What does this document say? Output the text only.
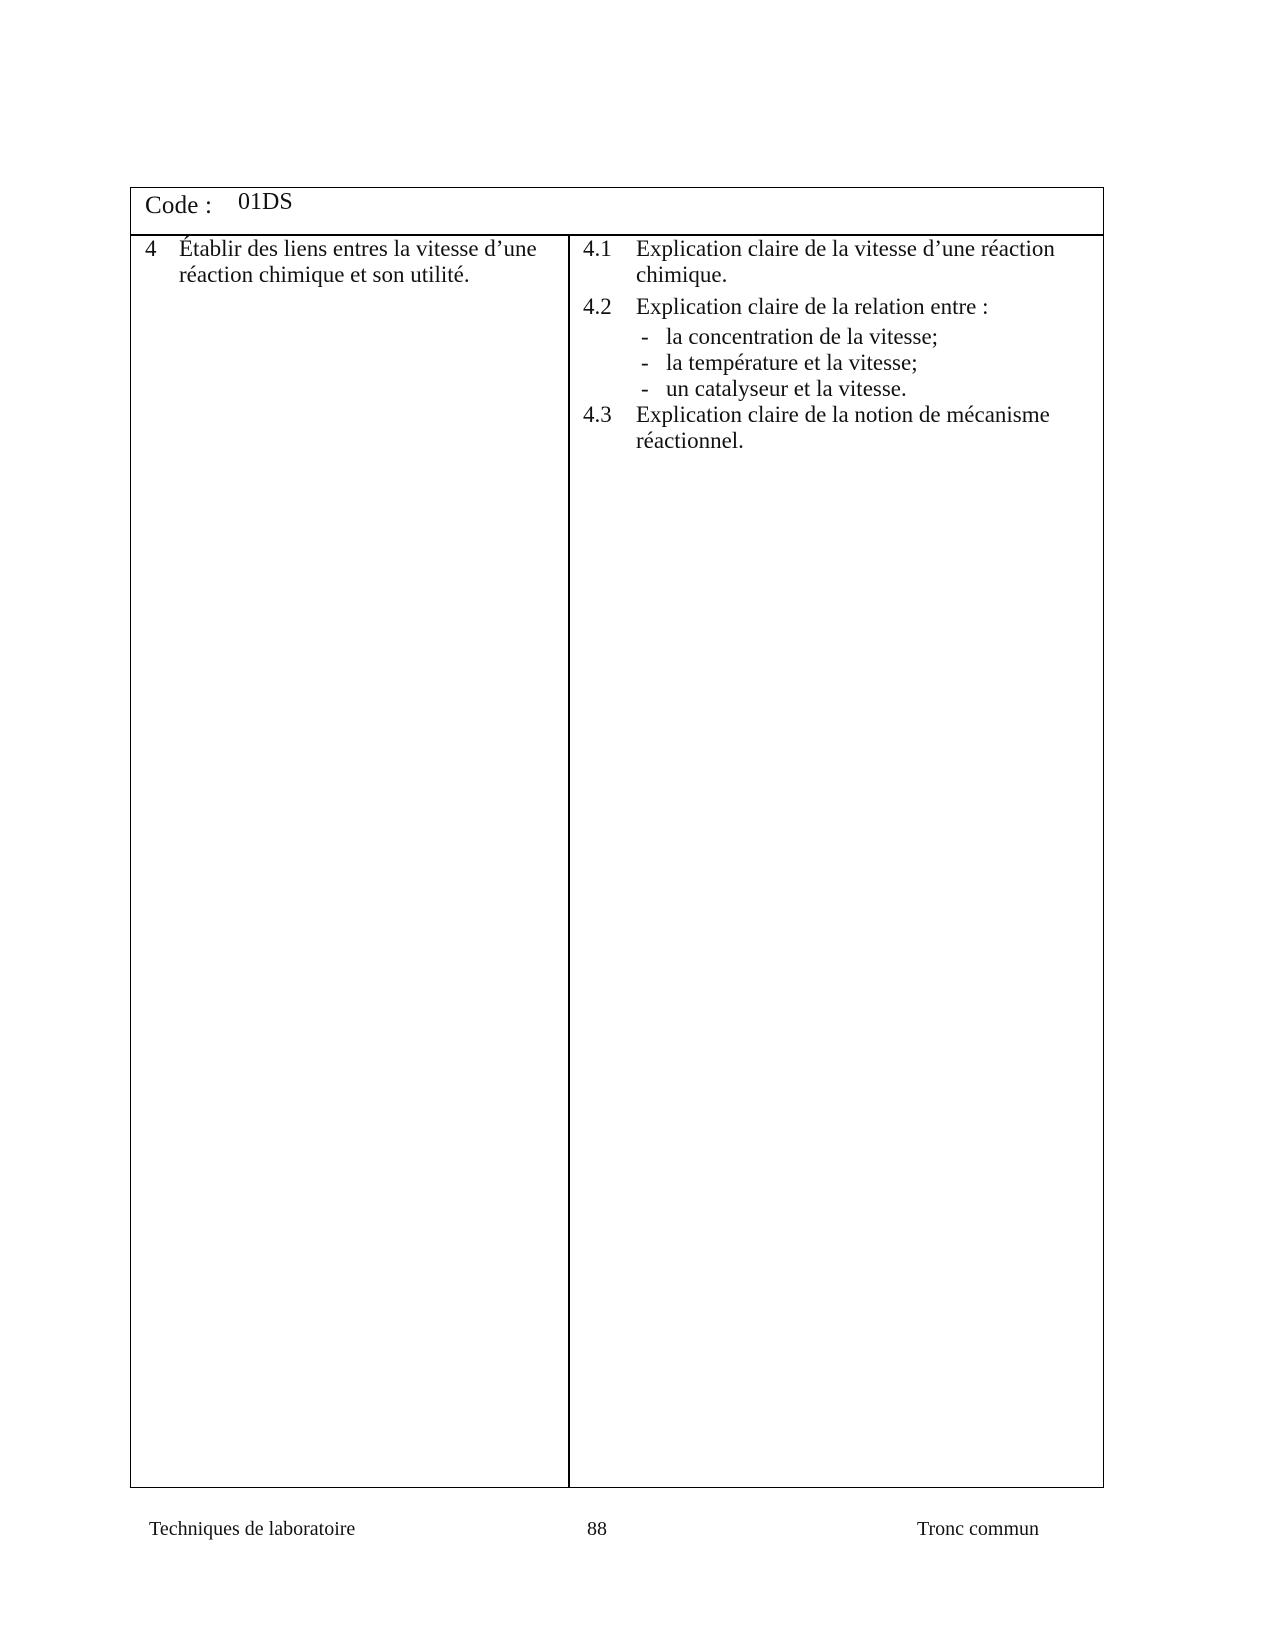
Code : 01DS
4 Établir des liens entres la vitesse d’une réaction chimique et son utilité.
4.1	Explication claire de la vitesse d’une réaction chimique.
4.2	Explication claire de la relation entre :
- la concentration de la vitesse;
- la température et la vitesse;
- un catalyseur et la vitesse.
4.3	Explication claire de la notion de mécanisme réactionnel.
Techniques de laboratoire	88	Tronc commun
